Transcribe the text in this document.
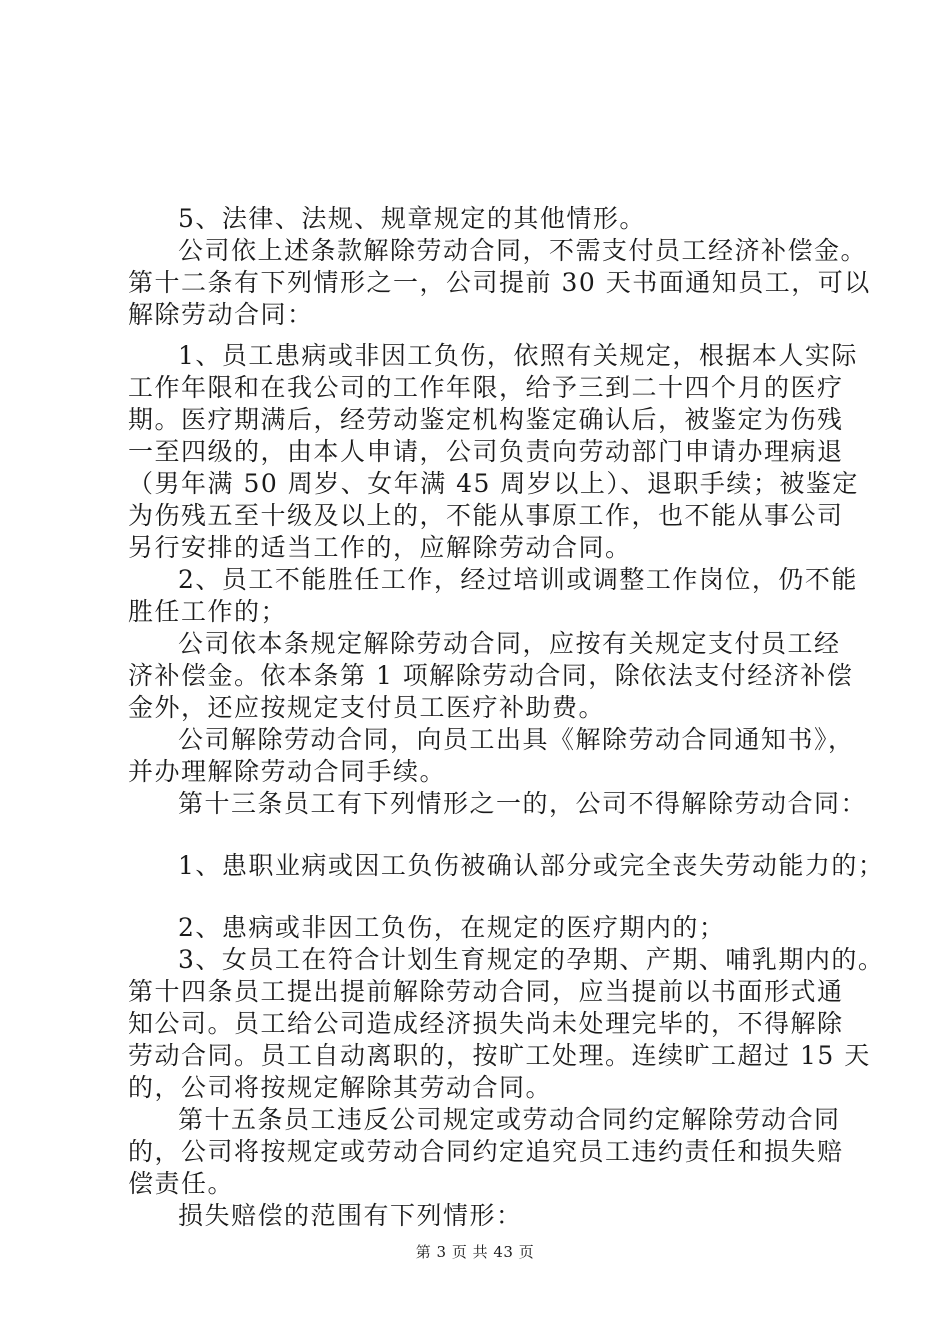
5、法律、法规、规章规定的其他情形。
公司依上述条款解除劳动合同，不需支付员工经济补偿金。
第十二条有下列情形之一，公司提前 30 天书面通知员工，可以
解除劳动合同：
1、员工患病或非因工负伤，依照有关规定，根据本人实际
工作年限和在我公司的工作年限，给予三到二十四个月的医疗
期。医疗期满后，经劳动鉴定机构鉴定确认后，被鉴定为伤残
一至四级的，由本人申请，公司负责向劳动部门申请办理病退
（男年满 50 周岁、女年满 45 周岁以上）、退职手续；被鉴定
为伤残五至十级及以上的，不能从事原工作，也不能从事公司
另行安排的适当工作的，应解除劳动合同。
2、员工不能胜任工作，经过培训或调整工作岗位，仍不能
胜任工作的；
公司依本条规定解除劳动合同，应按有关规定支付员工经
济补偿金。依本条第 1 项解除劳动合同，除依法支付经济补偿
金外，还应按规定支付员工医疗补助费。
公司解除劳动合同，向员工出具《解除劳动合同通知书》，
并办理解除劳动合同手续。
第十三条员工有下列情形之一的，公司不得解除劳动合同：
1、患职业病或因工负伤被确认部分或完全丧失劳动能力的；
2、患病或非因工负伤，在规定的医疗期内的；
3、女员工在符合计划生育规定的孕期、产期、哺乳期内的。
第十四条员工提出提前解除劳动合同，应当提前以书面形式通
知公司。员工给公司造成经济损失尚未处理完毕的，不得解除
劳动合同。员工自动离职的，按旷工处理。连续旷工超过 15 天
的，公司将按规定解除其劳动合同。
第十五条员工违反公司规定或劳动合同约定解除劳动合同
的，公司将按规定或劳动合同约定追究员工违约责任和损失赔
偿责任。
损失赔偿的范围有下列情形：
第 3 页 共 43 页
